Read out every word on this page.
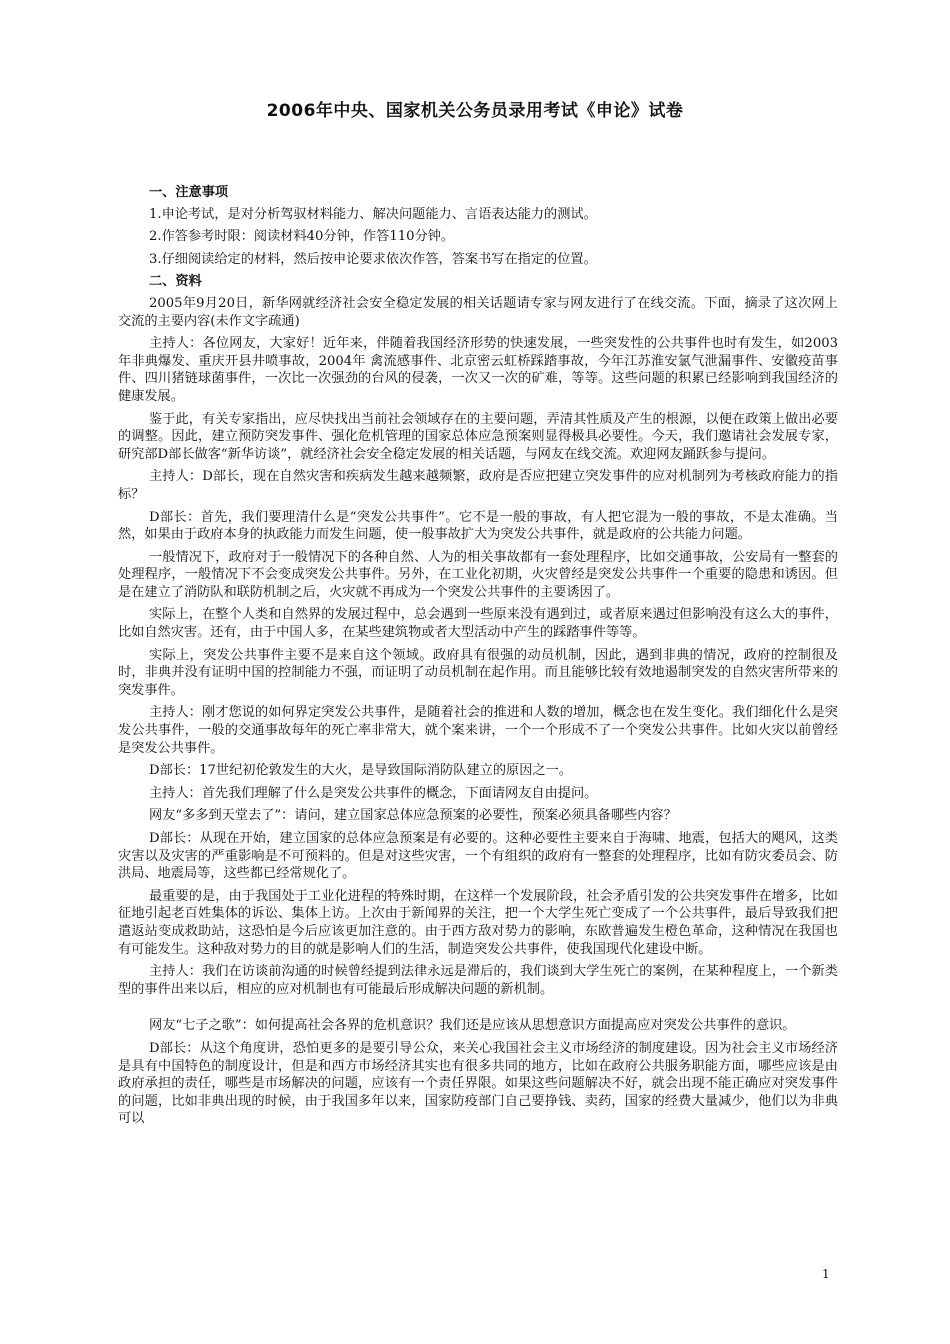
2006年中央、国家机关公务员录用考试《申论》试卷
一、注意事项
1.申论考试，是对分析驾驭材料能力、解决问题能力、言语表达能力的测试。
2.作答参考时限：阅读材料40分钟，作答110分钟。
3.仔细阅读给定的材料，然后按申论要求依次作答，答案书写在指定的位置。
二、资料
2005年9月20日，新华网就经济社会安全稳定发展的相关话题请专家与网友进行了在线交流。下面，摘录了这次网上交流的主要内容(未作文字疏通)
主持人：各位网友，大家好！近年来，伴随着我国经济形势的快速发展，一些突发性的公共事件也时有发生，如2003年非典爆发、重庆开县井喷事故，2004年 禽流感事件、北京密云虹桥踩踏事故，今年江苏淮安氯气泄漏事件、安徽疫苗事件、四川猪链球菌事件，一次比一次强劲的台风的侵袭，一次又一次的矿难，等等。这些问题的积累已经影响到我国经济的健康发展。
鉴于此，有关专家指出，应尽快找出当前社会领域存在的主要问题，弄清其性质及产生的根源，以便在政策上做出必要的调整。因此，建立预防突发事件、强化危机管理的国家总体应急预案则显得极具必要性。今天，我们邀请社会发展专家，研究部D部长做客“新华访谈”，就经济社会安全稳定发展的相关话题，与网友在线交流。欢迎网友踊跃参与提问。
主持人：D部长，现在自然灾害和疾病发生越来越频繁，政府是否应把建立突发事件的应对机制列为考核政府能力的指标？
D部长：首先，我们要理清什么是“突发公共事件”。它不是一般的事故，有人把它混为一般的事故，不是太准确。当然，如果由于政府本身的执政能力而发生问题，使一般事故扩大为突发公共事件，就是政府的公共能力问题。
一般情况下，政府对于一般情况下的各种自然、人为的相关事故都有一套处理程序，比如交通事故，公安局有一整套的处理程序，一般情况下不会变成突发公共事件。另外，在工业化初期，火灾曾经是突发公共事件一个重要的隐患和诱因。但是在建立了消防队和联防机制之后，火灾就不再成为一个突发公共事件的主要诱因了。
实际上，在整个人类和自然界的发展过程中，总会遇到一些原来没有遇到过，或者原来遇过但影响没有这么大的事件，比如自然灾害。还有，由于中国人多，在某些建筑物或者大型活动中产生的踩踏事件等等。
实际上，突发公共事件主要不是来自这个领域。政府具有很强的动员机制，因此，遇到非典的情况，政府的控制很及时，非典并没有证明中国的控制能力不强，而证明了动员机制在起作用。而且能够比较有效地遏制突发的自然灾害所带来的突发事件。
主持人：刚才您说的如何界定突发公共事件，是随着社会的推进和人数的增加，概念也在发生变化。我们细化什么是突发公共事件，一般的交通事故每年的死亡率非常大，就个案来讲，一个一个形成不了一个突发公共事件。比如火灾以前曾经是突发公共事件。
D部长：17世纪初伦敦发生的大火，是导致国际消防队建立的原因之一。
主持人：首先我们理解了什么是突发公共事件的概念，下面请网友自由提问。
网友“多多到天堂去了”：请问，建立国家总体应急预案的必要性，预案必须具备哪些内容？
D部长：从现在开始，建立国家的总体应急预案是有必要的。这种必要性主要来自于海啸、地震，包括大的飓风，这类灾害以及灾害的严重影响是不可预料的。但是对这些灾害，一个有组织的政府有一整套的处理程序，比如有防灾委员会、防洪局、地震局等，这些都已经常规化了。
最重要的是，由于我国处于工业化进程的特殊时期，在这样一个发展阶段，社会矛盾引发的公共突发事件在增多，比如征地引起老百姓集体的诉讼、集体上访。上次由于新闻界的关注，把一个大学生死亡变成了一个公共事件，最后导致我们把遣返站变成救助站，这恐怕是今后应该更加注意的。由于西方敌对势力的影响，东欧普遍发生橙色革命，这种情况在我国也有可能发生。这种敌对势力的目的就是影响人们的生活，制造突发公共事件，使我国现代化建设中断。
主持人：我们在访谈前沟通的时候曾经提到法律永远是滞后的，我们谈到大学生死亡的案例，在某种程度上，一个新类型的事件出来以后，相应的应对机制也有可能最后形成解决问题的新机制。
网友“七子之歌”：如何提高社会各界的危机意识？我们还是应该从思想意识方面提高应对突发公共事件的意识。
D部长：从这个角度讲，恐怕更多的是要引导公众，来关心我国社会主义市场经济的制度建设。因为社会主义市场经济是具有中国特色的制度设计，但是和西方市场经济其实也有很多共同的地方，比如在政府公共服务职能方面，哪些应该是由政府承担的责任，哪些是市场解决的问题，应该有一个责任界限。如果这些问题解决不好，就会出现不能正确应对突发事件的问题，比如非典出现的时候，由于我国多年以来，国家防疫部门自己要挣钱、卖药，国家的经费大量减少，他们以为非典可以

1
